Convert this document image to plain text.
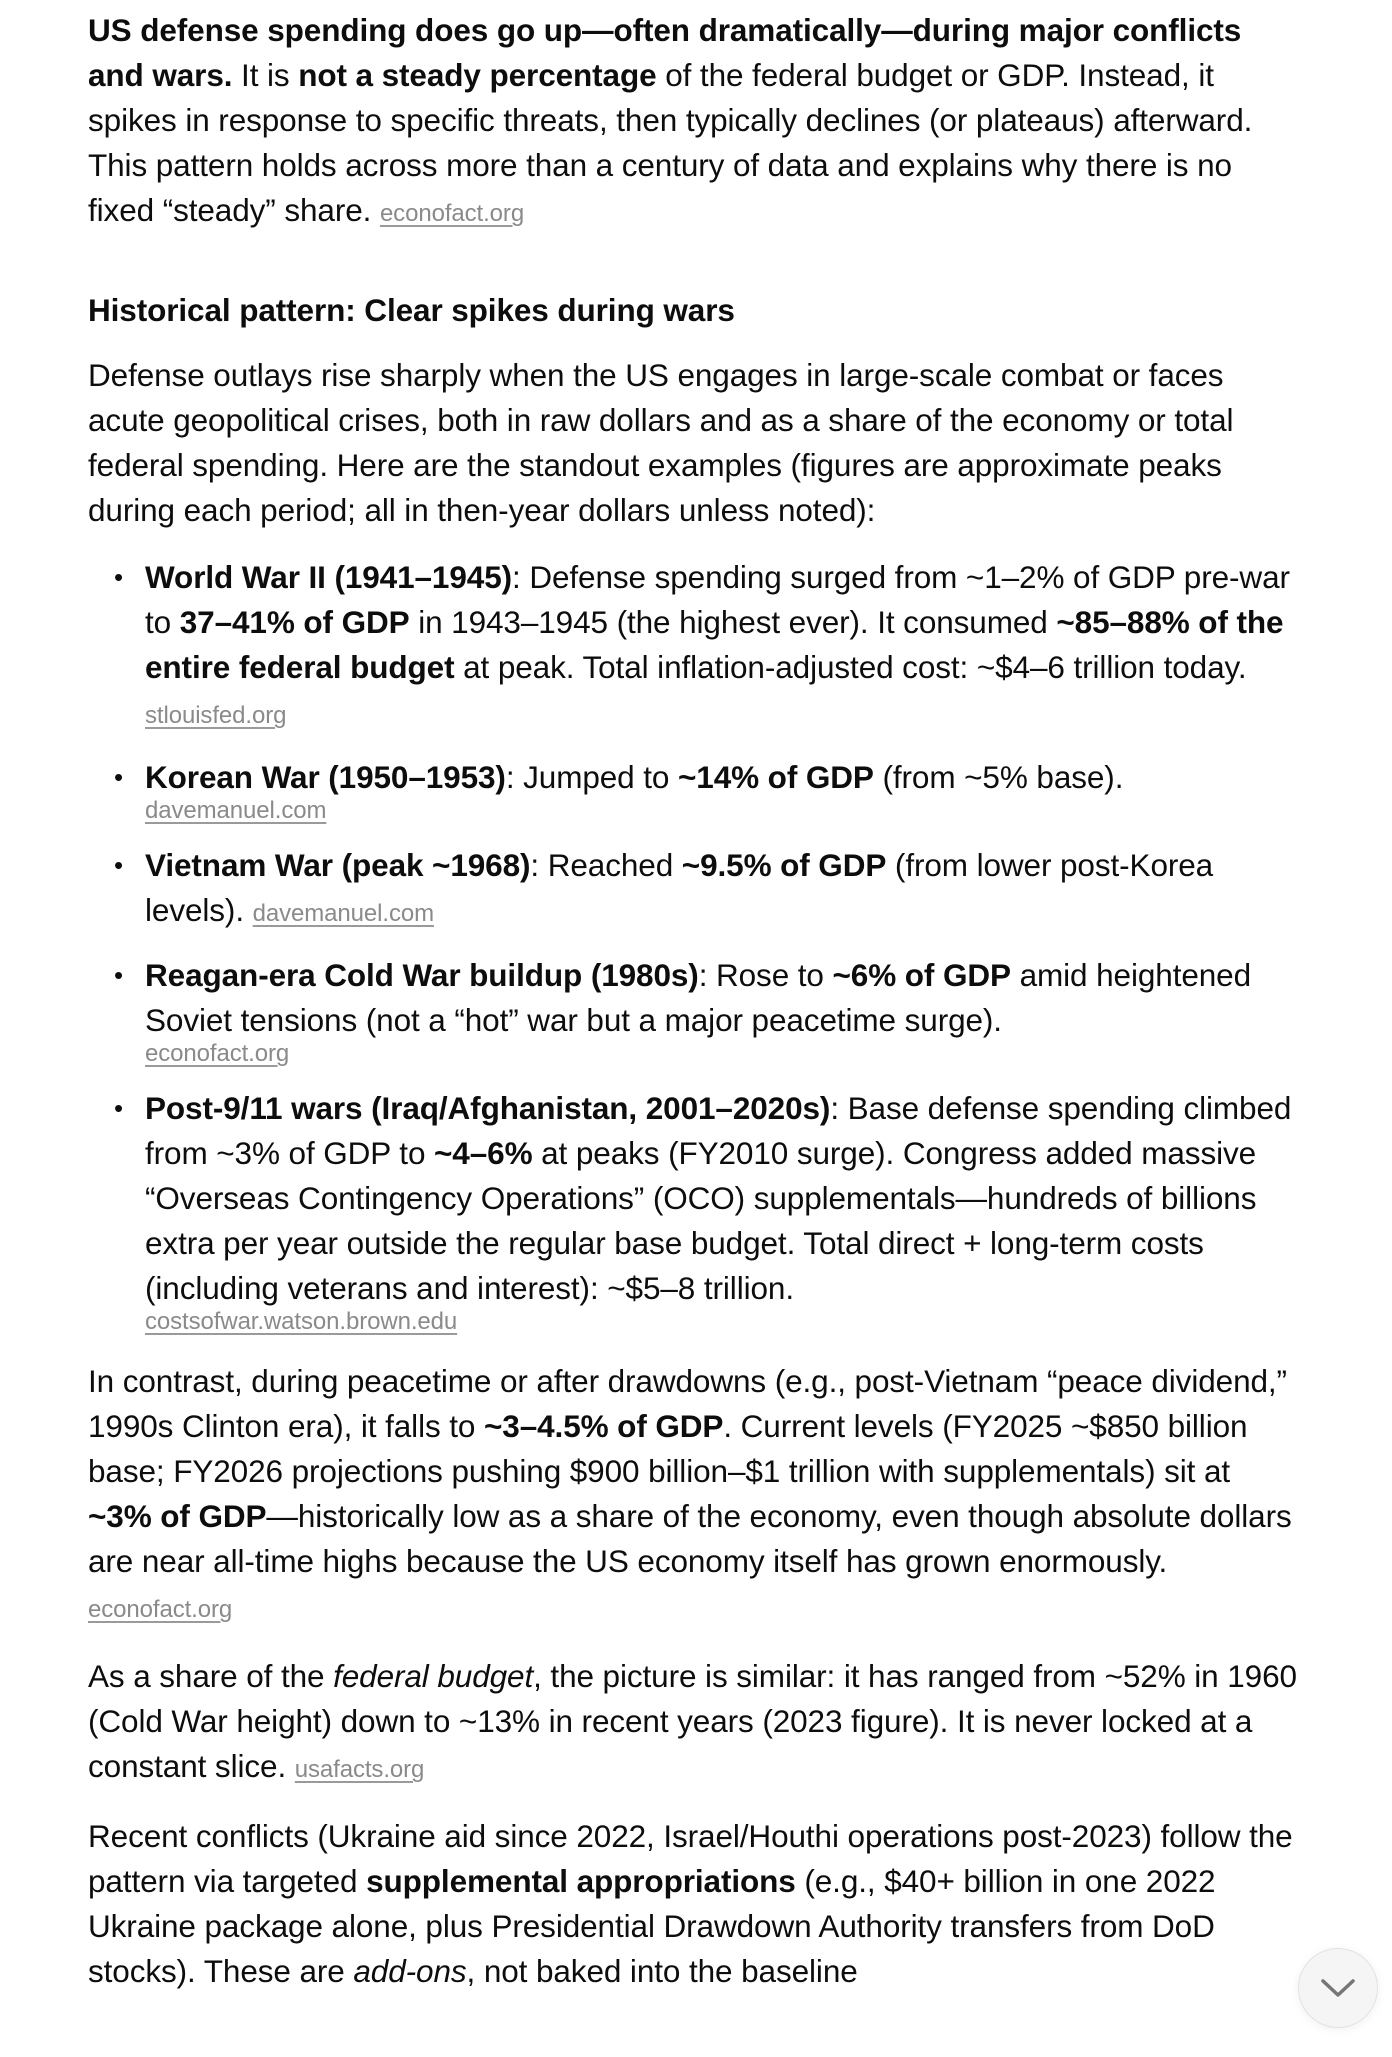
US defense spending does go up—often dramatically—during major conflicts and wars. It is not a steady percentage of the federal budget or GDP. Instead, it spikes in response to specific threats, then typically declines (or plateaus) afterward. This pattern holds across more than a century of data and explains why there is no fixed “steady” share. econofact.org

Historical pattern: Clear spikes during wars

Defense outlays rise sharply when the US engages in large-scale combat or faces acute geopolitical crises, both in raw dollars and as a share of the economy or total federal spending. Here are the standout examples (figures are approximate peaks during each period; all in then-year dollars unless noted):

• World War II (1941–1945): Defense spending surged from ~1–2% of GDP pre-war to 37–41% of GDP in 1943–1945 (the highest ever). It consumed ~85–88% of the entire federal budget at peak. Total inflation-adjusted cost: ~$4–6 trillion today. stlouisfed.org
• Korean War (1950–1953): Jumped to ~14% of GDP (from ~5% base).
davemanuel.com
• Vietnam War (peak ~1968): Reached ~9.5% of GDP (from lower post-Korea levels). davemanuel.com
• Reagan-era Cold War buildup (1980s): Rose to ~6% of GDP amid heightened Soviet tensions (not a “hot” war but a major peacetime surge).
econofact.org
• Post-9/11 wars (Iraq/Afghanistan, 2001–2020s): Base defense spending climbed from ~3% of GDP to ~4–6% at peaks (FY2010 surge). Congress added massive “Overseas Contingency Operations” (OCO) supplementals—hundreds of billions extra per year outside the regular base budget. Total direct + long-term costs (including veterans and interest): ~$5–8 trillion.
costsofwar.watson.brown.edu

In contrast, during peacetime or after drawdowns (e.g., post-Vietnam “peace dividend,” 1990s Clinton era), it falls to ~3–4.5% of GDP. Current levels (FY2025 ~$850 billion base; FY2026 projections pushing $900 billion–$1 trillion with supplementals) sit at ~3% of GDP—historically low as a share of the economy, even though absolute dollars are near all-time highs because the US economy itself has grown enormously. econofact.org

As a share of the federal budget, the picture is similar: it has ranged from ~52% in 1960 (Cold War height) down to ~13% in recent years (2023 figure). It is never locked at a constant slice. usafacts.org

Recent conflicts (Ukraine aid since 2022, Israel/Houthi operations post-2023) follow the pattern via targeted supplemental appropriations (e.g., $40+ billion in one 2022 Ukraine package alone, plus Presidential Drawdown Authority transfers from DoD stocks). These are add-ons, not baked into the baseline
